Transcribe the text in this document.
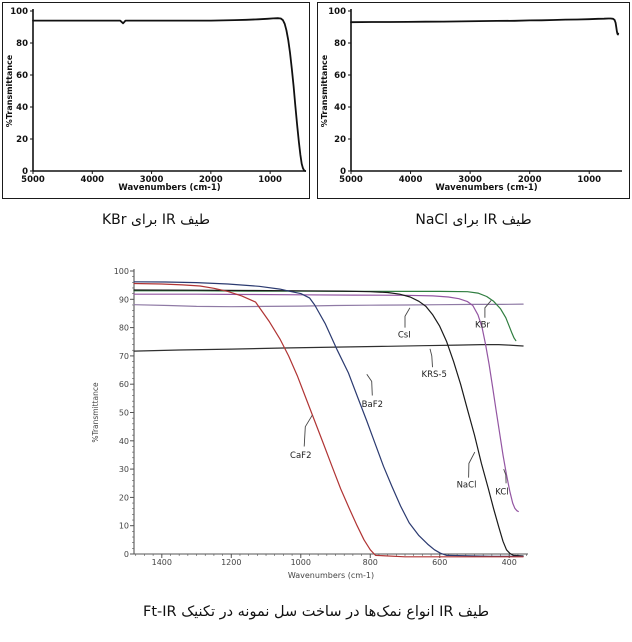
5000	4000	3000	2000	1000
0
20
40
60
80
100
Wavenumbers (cm-1)
%Transmittance
5000	4000	3000	2000	1000
0
20
40
60
80
100
Wavenumbers (cm-1)
%Transmittance
طیف IR برای KBr	طیف IR برای NaCl
1400	1200	1000	800	600	400
0
10
20
30
40
50
60
70
80
90
100
Wavenumbers (cm-1)
%Transmittance
CaF2
BaF2
CsI
KRS-5
KBr
NaCl
KCl
طیف IR انواع نمک‌ها در ساخت سل نمونه در تکنیک Ft-IR
